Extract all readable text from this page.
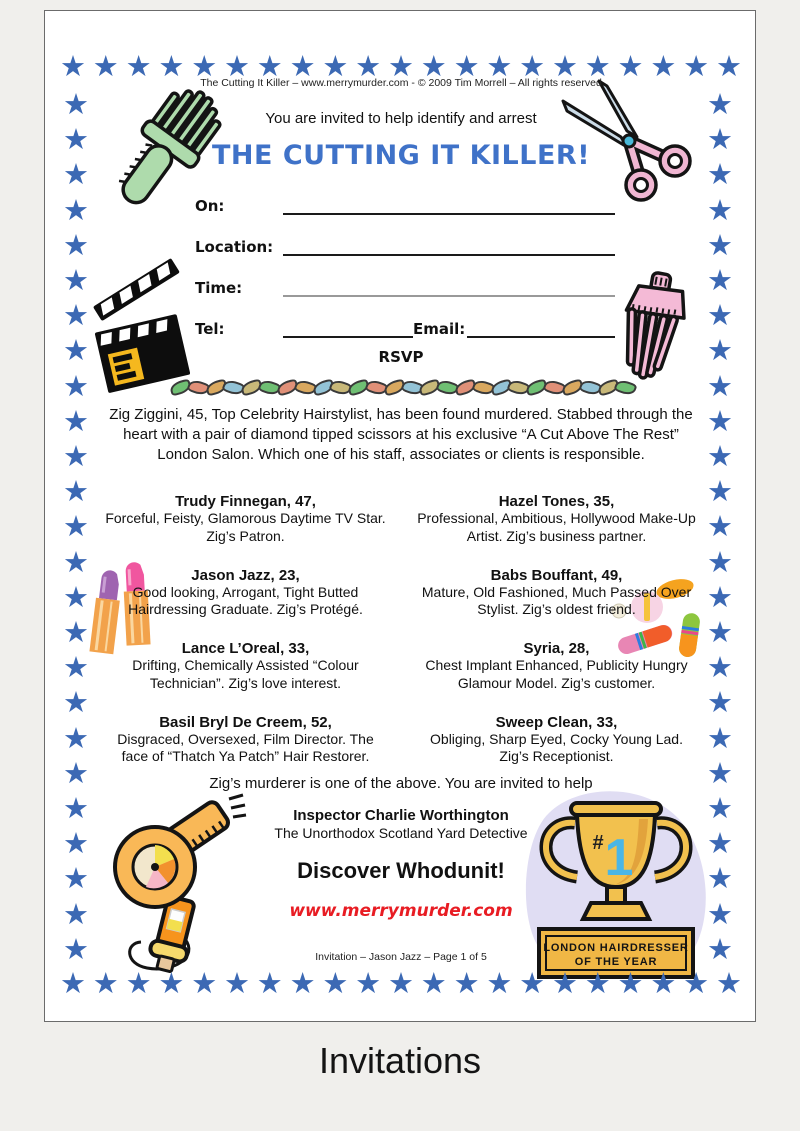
★ ★ ★ ★ ★ ★ ★ ★ ★ ★ ★ ★ ★ ★ ★ ★ ★ ★ ★ ★ ★
★ ★ ★ ★ ★ ★ ★ ★ ★ ★ ★ ★ ★ ★ ★ ★ ★ ★ ★ ★ ★
★
★
★
★
★
★
★
★
★
★
★
★
★
★
★
★
★
★
★
★
★
★
★
★
★
★
★
★
★
★
★
★
★
★
★
★
★
★
★
★
★
★
★
★
★
★
★
★
★
★
The Cutting It Killer – www.merrymurder.com - © 2009 Tim Morrell – All rights reserved
You are invited to help identify and arrest
THE CUTTING IT KILLER!
On:
Location:
Time:
Tel:	Email:
RSVP
Zig Ziggini, 45, Top Celebrity Hairstylist, has been found murdered. Stabbed through the heart with a pair of diamond tipped scissors at his exclusive “A Cut Above The Rest” London Salon. Which one of his staff, associates or clients is responsible.
Trudy Finnegan, 47,
Forceful, Feisty, Glamorous Daytime TV Star. Zig’s Patron.
Hazel Tones, 35,
Professional, Ambitious, Hollywood Make-Up Artist. Zig’s business partner.
Jason Jazz, 23,
Good looking, Arrogant, Tight Butted Hairdressing Graduate. Zig’s Protégé.
Babs Bouffant, 49,
Mature, Old Fashioned, Much Passed Over Stylist. Zig’s oldest friend.
Lance L’Oreal, 33,
Drifting, Chemically Assisted “Colour Technician”. Zig’s love interest.
Syria, 28,
Chest Implant Enhanced, Publicity Hungry Glamour Model. Zig’s customer.
Basil Bryl De Creem, 52,
Disgraced, Oversexed, Film Director. The face of “Thatch Ya Patch” Hair Restorer.
Sweep Clean, 33,
Obliging, Sharp Eyed, Cocky Young Lad. Zig’s Receptionist.
Zig’s murderer is one of the above. You are invited to help
Inspector Charlie Worthington
The Unorthodox Scotland Yard Detective
Discover Whodunit!
www.merrymurder.com
Invitation – Jason Jazz – Page 1 of 5
# 1
LONDON HAIRDRESSER
OF THE YEAR
Invitations
